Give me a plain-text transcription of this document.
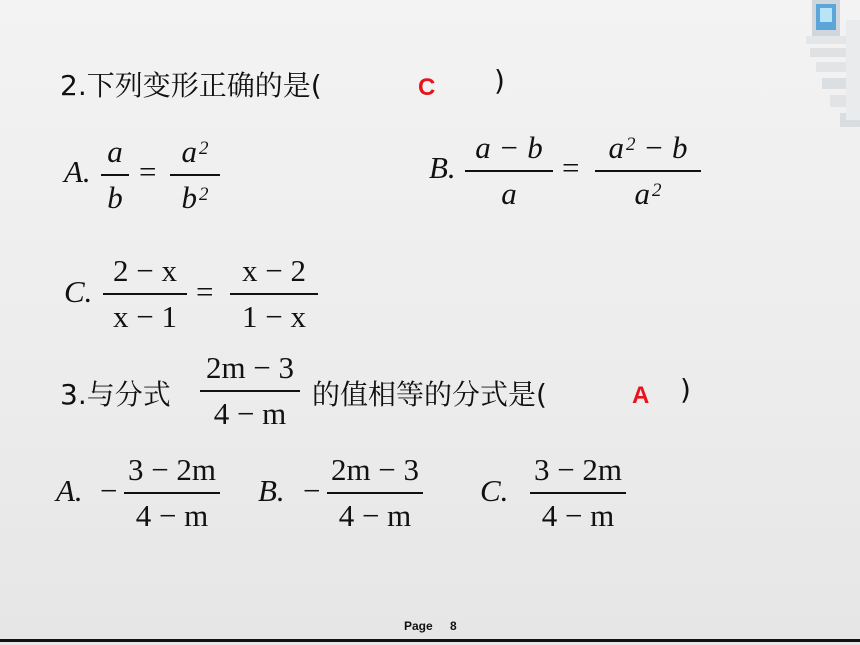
2.下列变形正确的是(	C )
A.
a
b
=
a $^2$
b $^2$
B.
a − b
a
=
a $^2$ − b
a $^2$
C.
2 − x
x − 1
=
x − 2
1 − x
3.与分式
2m − 3
4 − m
的值相等的分式是(	A )
A. −
3 − 2m
4 − m
B. −
2m − 3
4 − m
C.
3 − 2m
4 − m
Page 8
